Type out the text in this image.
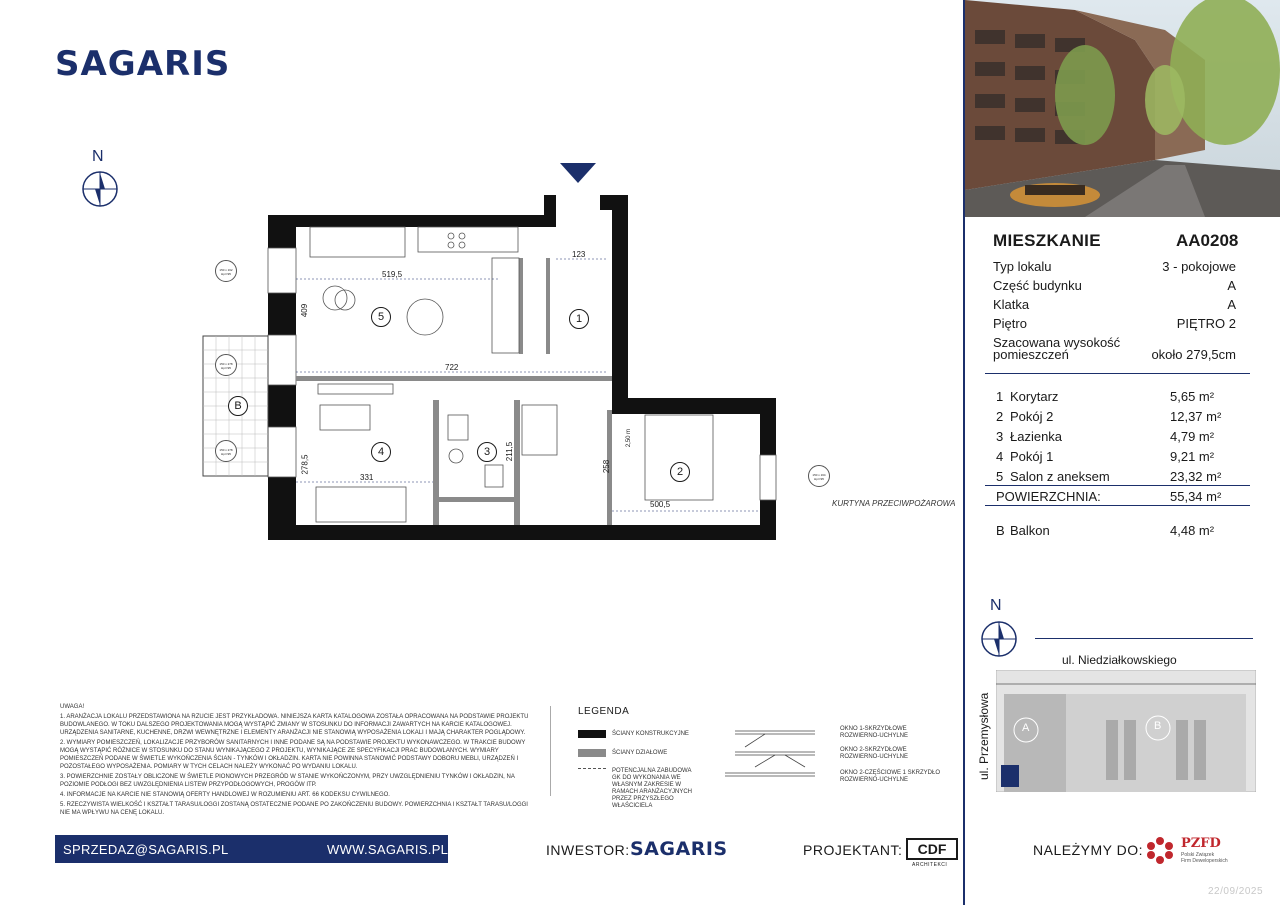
SAGARIS
N
519,5
123
409
722
331
278,5
211,5
258
500,5
2,50 m
1
2
3
4
5
B
150 x 162
Hpr=95
150 x 278
Hpr=95
150 x 278
Hpr=95
150 x 164
Hpr=95
KURTYNA PRZECIWPOŻAROWA
MIESZKANIE	AA0208
Typ lokalu	3 - pokojowe
Część budynku	A
Klatka	A
Piętro	PIĘTRO 2
Szacowana wysokość
pomieszczeń	około 279,5cm
1 Korytarz	5,65 m²
2 Pokój 2	12,37 m²
3 Łazienka	4,79 m²
4 Pokój 1	9,21 m²
5 Salon z aneksem	23,32 m²
POWIERZCHNIA:	55,34 m²
B Balkon	4,48 m²
N
ul. Niedziałkowskiego
ul. Przemysłowa	A	B

UWAGA!

1. ARANŻACJA LOKALU PRZEDSTAWIONA NA RZUCIE JEST PRZYKŁADOWA. NINIEJSZA KARTA KATALOGOWA ZOSTAŁA OPRACOWANA NA PODSTAWIE PROJEKTU BUDOWLANEGO. W TOKU DALSZEGO PROJEKTOWANIA MOGĄ WYSTĄPIĆ ZMIANY W STOSUNKU DO INFORMACJI ZAWARTYCH NA KARCIE KATALOGOWEJ. URZĄDZENIA SANITARNE, KUCHENNE, DRZWI WEWNĘTRZNE I ELEMENTY ARANŻACJI NIE STANOWIĄ WYPOSAŻENIA LOKALI I MAJĄ CHARAKTER POGLĄDOWY.

2. WYMIARY POMIESZCZEŃ, LOKALIZACJE PRZYBORÓW SANITARNYCH I INNE PODANE SĄ NA PODSTAWIE PROJEKTU WYKONAWCZEGO. W TRAKCIE BUDOWY MOGĄ WYSTĄPIĆ RÓŻNICE W STOSUNKU DO STANU WYNIKAJĄCEGO Z PROJEKTU, WYNIKAJĄCE ZE SPECYFIKACJI PRAC BUDOWLANYCH. WYMIARY POMIESZCZEŃ PODANE W ŚWIETLE WYKOŃCZENIA ŚCIAN - TYNKÓW I OKŁADZIN. KARTA NIE POWINNA STANOWIĆ PODSTAWY DOBORU MEBLI, URZĄDZEŃ I POZOSTAŁEGO WYPOSAŻENIA. POMIARY W TYCH CELACH NALEŻY WYKONAĆ PO WYDANIU LOKALU.

3. POWIERZCHNIE ZOSTAŁY OBLICZONE W ŚWIETLE PIONOWYCH PRZEGRÓD W STANIE WYKOŃCZONYM, PRZY UWZGLĘDNIENIU TYNKÓW I OKŁADZIN, NA POZIOMIE PODŁOGI BEZ UWZGLĘDNIENIA LISTEW PRZYPODŁOGOWYCH, PROGÓW ITP.

4. INFORMACJE NA KARCIE NIE STANOWIĄ OFERTY HANDLOWEJ W ROZUMIENIU ART. 66 KODEKSU CYWILNEGO.

5. RZECZYWISTA WIELKOŚĆ I KSZTAŁT TARASU/LOGGI ZOSTANĄ OSTATECZNIE PODANE PO ZAKOŃCZENIU BUDOWY. POWIERZCHNIA I KSZTAŁT TARASU/LOGGI NIE MA WPŁYWU NA CENĘ LOKALU.

LEGENDA
ŚCIANY KONSTRUKCYJNE
ŚCIANY DZIAŁOWE
POTENCJALNA ZABUDOWA GK DO WYKONANIA WE WŁASNYM ZAKRESIE W RAMACH ARANŻACYJNYCH PRZEZ PRZYSZŁEGO WŁAŚCICIELA
OKNO 1-SKRZYDŁOWE ROZWIERNO-UCHYLNE
OKNO 2-SKRZYDŁOWE ROZWIERNO-UCHYLNE
OKNO 2-CZĘŚCIOWE 1 SKRZYDŁO ROZWIERNO-UCHYLNE
SPRZEDAZ@SAGARIS.PL	WWW.SAGARIS.PL	INWESTOR: SAGARIS	PROJEKTANT:	CDF
ARCHITEKCI
NALEŻYMY DO:	PZFD
Polski Związek
Firm Deweloperskich
22/09/2025
